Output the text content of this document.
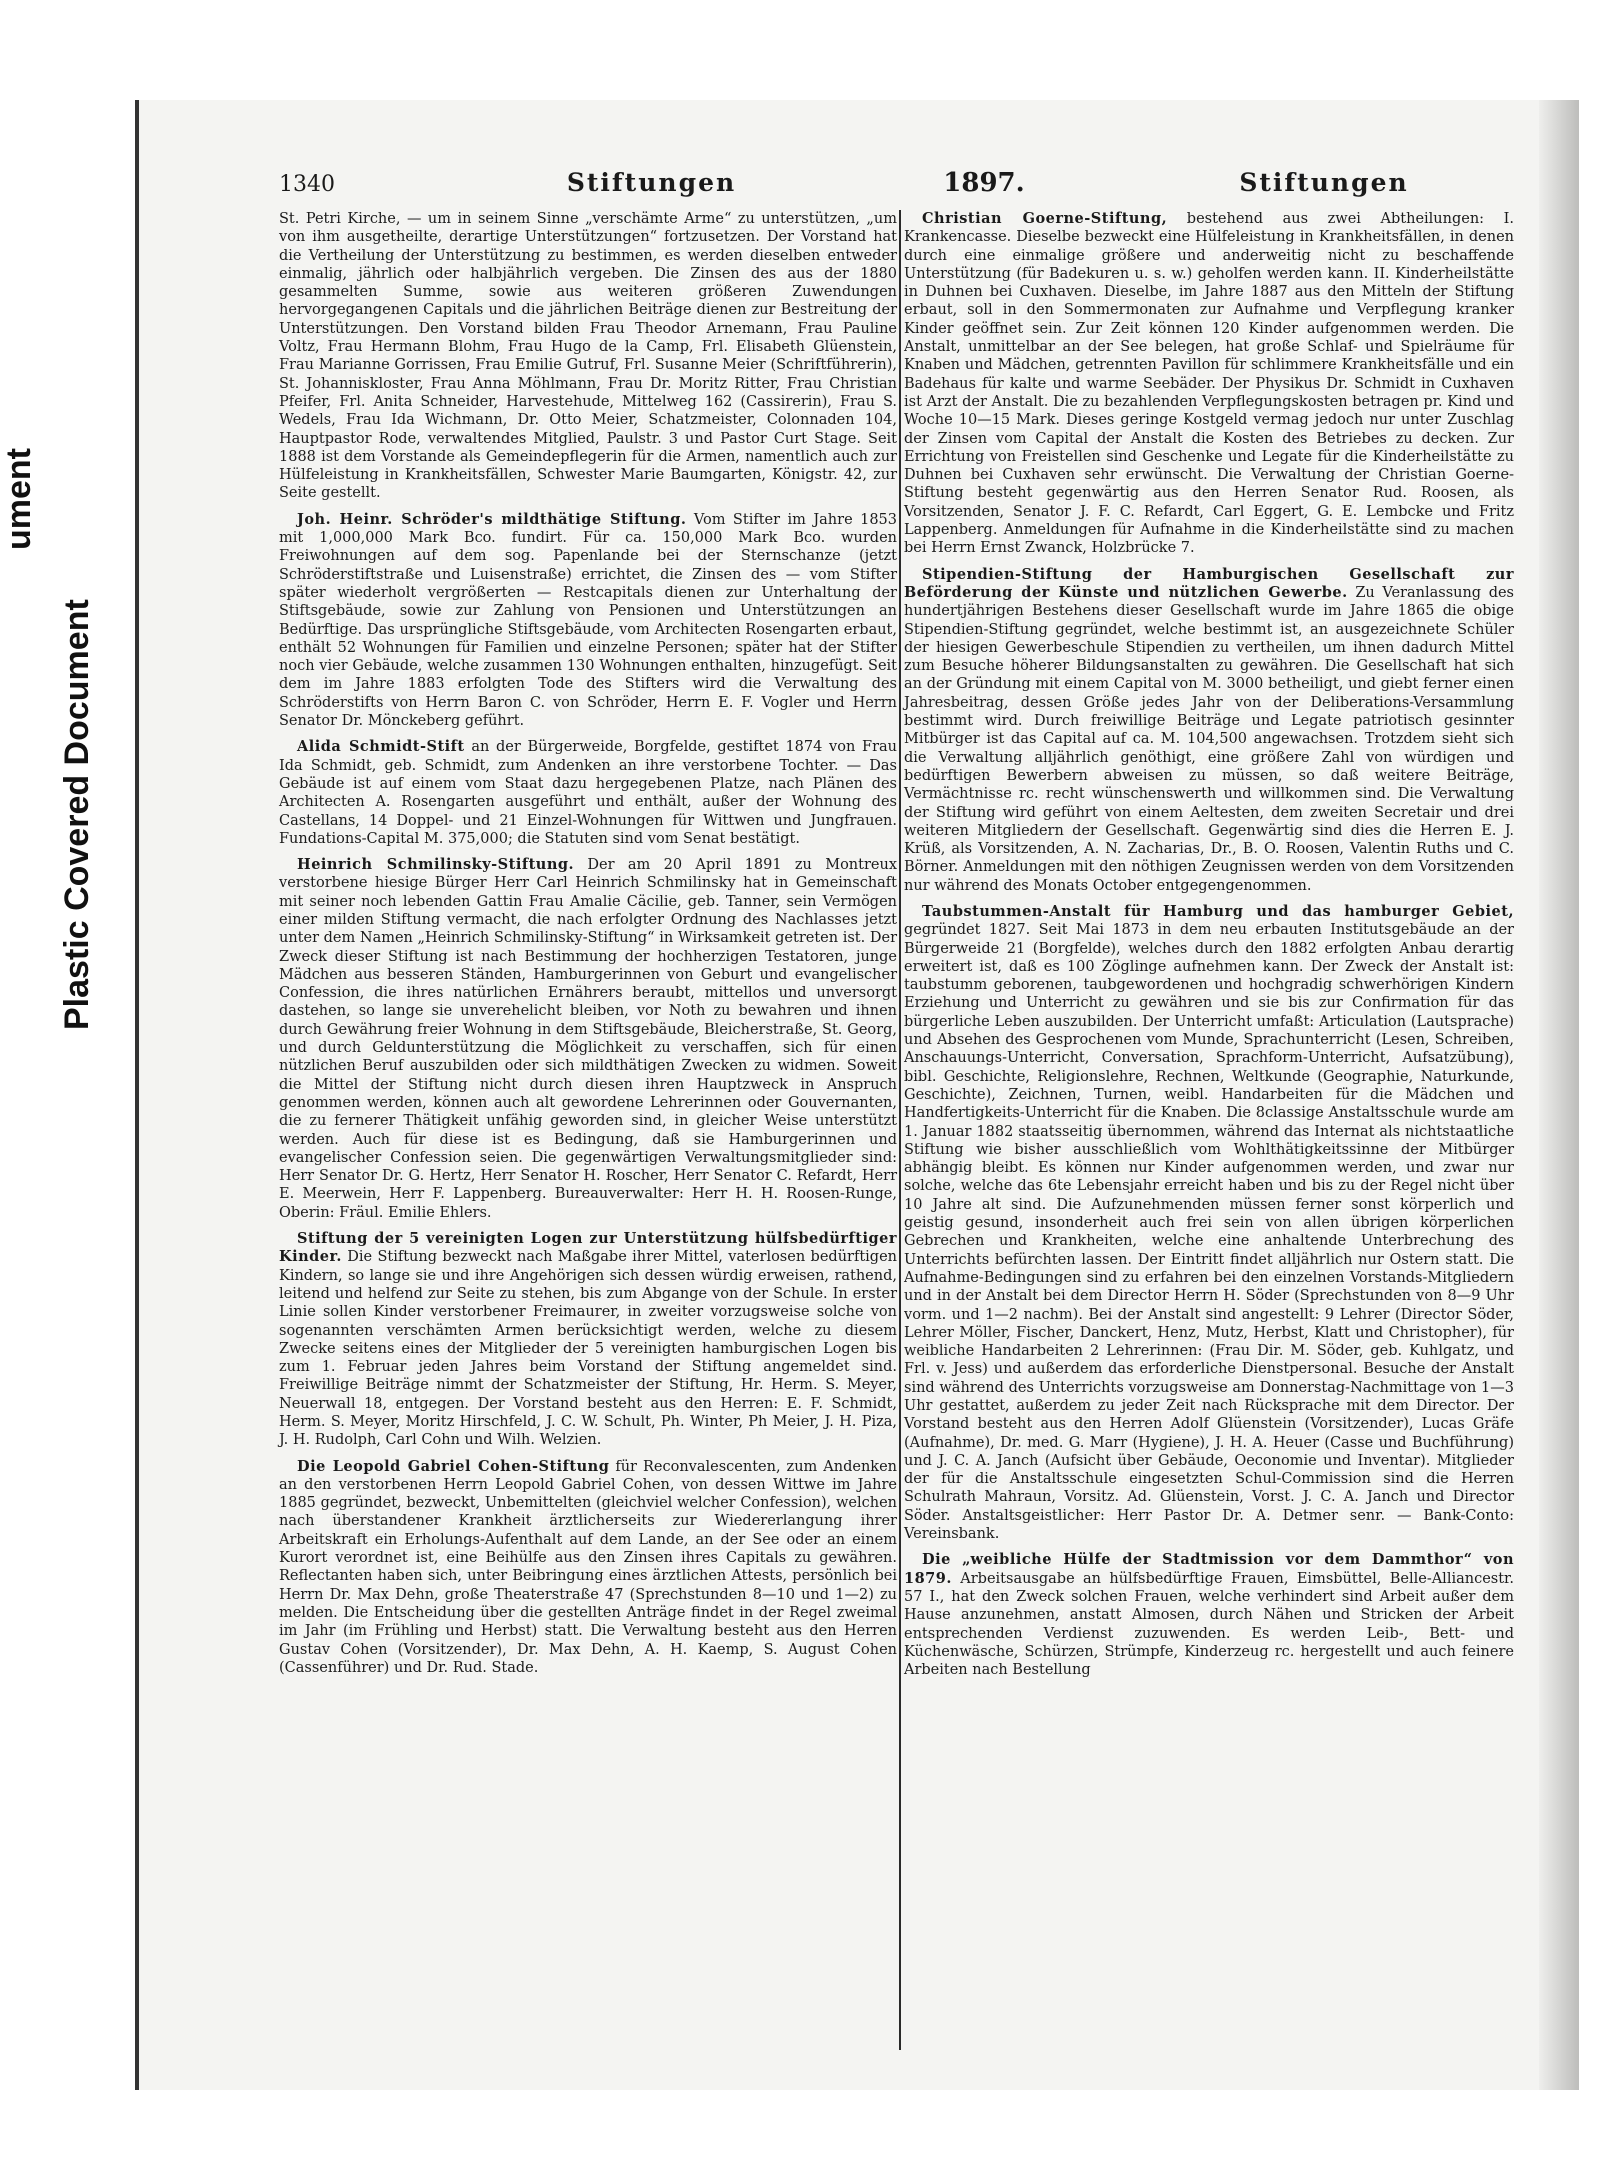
ument
Plastic Covered Document
1340	Stiftungen	1897.	Stiftungen

St. Petri Kirche, — um in seinem Sinne „verschämte Arme“ zu unterstützen, „um von ihm ausgetheilte, derartige Unterstützungen“ fortzusetzen. Der Vorstand hat die Vertheilung der Unterstützung zu bestimmen, es werden dieselben entweder einmalig, jährlich oder halbjährlich vergeben. Die Zinsen des aus der 1880 gesammelten Summe, sowie aus weiteren größeren Zuwendungen hervorgegangenen Capitals und die jährlichen Beiträge dienen zur Bestreitung der Unterstützungen. Den Vorstand bilden Frau Theodor Arnemann, Frau Pauline Voltz, Frau Hermann Blohm, Frau Hugo de la Camp, Frl. Elisabeth Glüenstein, Frau Marianne Gorrissen, Frau Emilie Gutruf, Frl. Susanne Meier (Schriftführerin), St. Johanniskloster, Frau Anna Möhlmann, Frau Dr. Moritz Ritter, Frau Christian Pfeifer, Frl. Anita Schneider, Harvestehude, Mittelweg 162 (Cassirerin), Frau S. Wedels, Frau Ida Wichmann, Dr. Otto Meier, Schatzmeister, Colonnaden 104, Hauptpastor Rode, verwaltendes Mitglied, Paulstr. 3 und Pastor Curt Stage. Seit 1888 ist dem Vorstande als Gemeindepflegerin für die Armen, namentlich auch zur Hülfeleistung in Krankheitsfällen, Schwester Marie Baumgarten, Königstr. 42, zur Seite gestellt.

Joh. Heinr. Schröder's mildthätige Stiftung. Vom Stifter im Jahre 1853 mit 1,000,000 Mark Bco. fundirt. Für ca. 150,000 Mark Bco. wurden Freiwohnungen auf dem sog. Papenlande bei der Sternschanze (jetzt Schröderstiftstraße und Luisenstraße) errichtet, die Zinsen des — vom Stifter später wiederholt vergrößerten — Restcapitals dienen zur Unterhaltung der Stiftsgebäude, sowie zur Zahlung von Pensionen und Unterstützungen an Bedürftige. Das ursprüngliche Stiftsgebäude, vom Architecten Rosengarten erbaut, enthält 52 Wohnungen für Familien und einzelne Personen; später hat der Stifter noch vier Gebäude, welche zusammen 130 Wohnungen enthalten, hinzugefügt. Seit dem im Jahre 1883 erfolgten Tode des Stifters wird die Verwaltung des Schröderstifts von Herrn Baron C. von Schröder, Herrn E. F. Vogler und Herrn Senator Dr. Mönckeberg geführt.

Alida Schmidt-Stift an der Bürgerweide, Borgfelde, gestiftet 1874 von Frau Ida Schmidt, geb. Schmidt, zum Andenken an ihre verstorbene Tochter. — Das Gebäude ist auf einem vom Staat dazu hergegebenen Platze, nach Plänen des Architecten A. Rosengarten ausgeführt und enthält, außer der Wohnung des Castellans, 14 Doppel- und 21 Einzel-Wohnungen für Wittwen und Jungfrauen. Fundations-Capital M. 375,000; die Statuten sind vom Senat bestätigt.

Heinrich Schmilinsky-Stiftung. Der am 20 April 1891 zu Montreux verstorbene hiesige Bürger Herr Carl Heinrich Schmilinsky hat in Gemeinschaft mit seiner noch lebenden Gattin Frau Amalie Cäcilie, geb. Tanner, sein Vermögen einer milden Stiftung vermacht, die nach erfolgter Ordnung des Nachlasses jetzt unter dem Namen „Heinrich Schmilinsky-Stiftung“ in Wirksamkeit getreten ist. Der Zweck dieser Stiftung ist nach Bestimmung der hochherzigen Testatoren, junge Mädchen aus besseren Ständen, Hamburgerinnen von Geburt und evangelischer Confession, die ihres natürlichen Ernährers beraubt, mittellos und unversorgt dastehen, so lange sie unverehelicht bleiben, vor Noth zu bewahren und ihnen durch Gewährung freier Wohnung in dem Stiftsgebäude, Bleicherstraße, St. Georg, und durch Geldunterstützung die Möglichkeit zu verschaffen, sich für einen nützlichen Beruf auszubilden oder sich mildthätigen Zwecken zu widmen. Soweit die Mittel der Stiftung nicht durch diesen ihren Hauptzweck in Anspruch genommen werden, können auch alt gewordene Lehrerinnen oder Gouvernanten, die zu fernerer Thätigkeit unfähig geworden sind, in gleicher Weise unterstützt werden. Auch für diese ist es Bedingung, daß sie Hamburgerinnen und evangelischer Confession seien. Die gegenwärtigen Verwaltungsmitglieder sind: Herr Senator Dr. G. Hertz, Herr Senator H. Roscher, Herr Senator C. Refardt, Herr E. Meerwein, Herr F. Lappenberg. Bureauverwalter: Herr H. H. Roosen-Runge, Oberin: Fräul. Emilie Ehlers.

Stiftung der 5 vereinigten Logen zur Unterstützung hülfsbedürftiger Kinder. Die Stiftung bezweckt nach Maßgabe ihrer Mittel, vaterlosen bedürftigen Kindern, so lange sie und ihre Angehörigen sich dessen würdig erweisen, rathend, leitend und helfend zur Seite zu stehen, bis zum Abgange von der Schule. In erster Linie sollen Kinder verstorbener Freimaurer, in zweiter vorzugsweise solche von sogenannten verschämten Armen berücksichtigt werden, welche zu diesem Zwecke seitens eines der Mitglieder der 5 vereinigten hamburgischen Logen bis zum 1. Februar jeden Jahres beim Vorstand der Stiftung angemeldet sind. Freiwillige Beiträge nimmt der Schatzmeister der Stiftung, Hr. Herm. S. Meyer, Neuerwall 18, entgegen. Der Vorstand besteht aus den Herren: E. F. Schmidt, Herm. S. Meyer, Moritz Hirschfeld, J. C. W. Schult, Ph. Winter, Ph Meier, J. H. Piza, J. H. Rudolph, Carl Cohn und Wilh. Welzien.

Die Leopold Gabriel Cohen-Stiftung für Reconvalescenten, zum Andenken an den verstorbenen Herrn Leopold Gabriel Cohen, von dessen Wittwe im Jahre 1885 gegründet, bezweckt, Unbemittelten (gleichviel welcher Confession), welchen nach überstandener Krankheit ärztlicherseits zur Wiedererlangung ihrer Arbeitskraft ein Erholungs-Aufenthalt auf dem Lande, an der See oder an einem Kurort verordnet ist, eine Beihülfe aus den Zinsen ihres Capitals zu gewähren. Reflectanten haben sich, unter Beibringung eines ärztlichen Attests, persönlich bei Herrn Dr. Max Dehn, große Theaterstraße 47 (Sprechstunden 8—10 und 1—2) zu melden. Die Entscheidung über die gestellten Anträge findet in der Regel zweimal im Jahr (im Frühling und Herbst) statt. Die Verwaltung besteht aus den Herren Gustav Cohen (Vorsitzender), Dr. Max Dehn, A. H. Kaemp, S. August Cohen (Cassenführer) und Dr. Rud. Stade.

Christian Goerne-Stiftung, bestehend aus zwei Abtheilungen: I. Krankencasse. Dieselbe bezweckt eine Hülfeleistung in Krankheitsfällen, in denen durch eine einmalige größere und anderweitig nicht zu beschaffende Unterstützung (für Badekuren u. s. w.) geholfen werden kann. II. Kinderheilstätte in Duhnen bei Cuxhaven. Dieselbe, im Jahre 1887 aus den Mitteln der Stiftung erbaut, soll in den Sommermonaten zur Aufnahme und Verpflegung kranker Kinder geöffnet sein. Zur Zeit können 120 Kinder aufgenommen werden. Die Anstalt, unmittelbar an der See belegen, hat große Schlaf- und Spielräume für Knaben und Mädchen, getrennten Pavillon für schlimmere Krankheitsfälle und ein Badehaus für kalte und warme Seebäder. Der Physikus Dr. Schmidt in Cuxhaven ist Arzt der Anstalt. Die zu bezahlenden Verpflegungskosten betragen pr. Kind und Woche 10—15 Mark. Dieses geringe Kostgeld vermag jedoch nur unter Zuschlag der Zinsen vom Capital der Anstalt die Kosten des Betriebes zu decken. Zur Errichtung von Freistellen sind Geschenke und Legate für die Kinderheilstätte zu Duhnen bei Cuxhaven sehr erwünscht. Die Verwaltung der Christian Goerne-Stiftung besteht gegenwärtig aus den Herren Senator Rud. Roosen, als Vorsitzenden, Senator J. F. C. Refardt, Carl Eggert, G. E. Lembcke und Fritz Lappenberg. Anmeldungen für Aufnahme in die Kinderheilstätte sind zu machen bei Herrn Ernst Zwanck, Holzbrücke 7.

Stipendien-Stiftung der Hamburgischen Gesellschaft zur Beförderung der Künste und nützlichen Gewerbe. Zu Veranlassung des hundertjährigen Bestehens dieser Gesellschaft wurde im Jahre 1865 die obige Stipendien-Stiftung gegründet, welche bestimmt ist, an ausgezeichnete Schüler der hiesigen Gewerbeschule Stipendien zu vertheilen, um ihnen dadurch Mittel zum Besuche höherer Bildungsanstalten zu gewähren. Die Gesellschaft hat sich an der Gründung mit einem Capital von M. 3000 betheiligt, und giebt ferner einen Jahresbeitrag, dessen Größe jedes Jahr von der Deliberations-Versammlung bestimmt wird. Durch freiwillige Beiträge und Legate patriotisch gesinnter Mitbürger ist das Capital auf ca. M. 104,500 angewachsen. Trotzdem sieht sich die Verwaltung alljährlich genöthigt, eine größere Zahl von würdigen und bedürftigen Bewerbern abweisen zu müssen, so daß weitere Beiträge, Vermächtnisse rc. recht wünschenswerth und willkommen sind. Die Verwaltung der Stiftung wird geführt von einem Aeltesten, dem zweiten Secretair und drei weiteren Mitgliedern der Gesellschaft. Gegenwärtig sind dies die Herren E. J. Krüß, als Vorsitzenden, A. N. Zacharias, Dr., B. O. Roosen, Valentin Ruths und C. Börner. Anmeldungen mit den nöthigen Zeugnissen werden von dem Vorsitzenden nur während des Monats October entgegengenommen.

Taubstummen-Anstalt für Hamburg und das hamburger Gebiet, gegründet 1827. Seit Mai 1873 in dem neu erbauten Institutsgebäude an der Bürgerweide 21 (Borgfelde), welches durch den 1882 erfolgten Anbau derartig erweitert ist, daß es 100 Zöglinge aufnehmen kann. Der Zweck der Anstalt ist: taubstumm geborenen, taubgewordenen und hochgradig schwerhörigen Kindern Erziehung und Unterricht zu gewähren und sie bis zur Confirmation für das bürgerliche Leben auszubilden. Der Unterricht umfaßt: Articulation (Lautsprache) und Absehen des Gesprochenen vom Munde, Sprachunterricht (Lesen, Schreiben, Anschauungs-Unterricht, Conversation, Sprachform-Unterricht, Aufsatzübung), bibl. Geschichte, Religionslehre, Rechnen, Weltkunde (Geographie, Naturkunde, Geschichte), Zeichnen, Turnen, weibl. Handarbeiten für die Mädchen und Handfertigkeits-Unterricht für die Knaben. Die 8classige Anstaltsschule wurde am 1. Januar 1882 staatsseitig übernommen, während das Internat als nichtstaatliche Stiftung wie bisher ausschließlich vom Wohlthätigkeitssinne der Mitbürger abhängig bleibt. Es können nur Kinder aufgenommen werden, und zwar nur solche, welche das 6te Lebensjahr erreicht haben und bis zu der Regel nicht über 10 Jahre alt sind. Die Aufzunehmenden müssen ferner sonst körperlich und geistig gesund, insonderheit auch frei sein von allen übrigen körperlichen Gebrechen und Krankheiten, welche eine anhaltende Unterbrechung des Unterrichts befürchten lassen. Der Eintritt findet alljährlich nur Ostern statt. Die Aufnahme-Bedingungen sind zu erfahren bei den einzelnen Vorstands-Mitgliedern und in der Anstalt bei dem Director Herrn H. Söder (Sprechstunden von 8—9 Uhr vorm. und 1—2 nachm). Bei der Anstalt sind angestellt: 9 Lehrer (Director Söder, Lehrer Möller, Fischer, Danckert, Henz, Mutz, Herbst, Klatt und Christopher), für weibliche Handarbeiten 2 Lehrerinnen: (Frau Dir. M. Söder, geb. Kuhlgatz, und Frl. v. Jess) und außerdem das erforderliche Dienstpersonal. Besuche der Anstalt sind während des Unterrichts vorzugsweise am Donnerstag-Nachmittage von 1—3 Uhr gestattet, außerdem zu jeder Zeit nach Rücksprache mit dem Director. Der Vorstand besteht aus den Herren Adolf Glüenstein (Vorsitzender), Lucas Gräfe (Aufnahme), Dr. med. G. Marr (Hygiene), J. H. A. Heuer (Casse und Buchführung) und J. C. A. Janch (Aufsicht über Gebäude, Oeconomie und Inventar). Mitglieder der für die Anstaltsschule eingesetzten Schul-Commission sind die Herren Schulrath Mahraun, Vorsitz. Ad. Glüenstein, Vorst. J. C. A. Janch und Director Söder. Anstaltsgeistlicher: Herr Pastor Dr. A. Detmer senr. — Bank-Conto: Vereinsbank.

Die „weibliche Hülfe der Stadtmission vor dem Dammthor“ von 1879. Arbeitsausgabe an hülfsbedürftige Frauen, Eimsbüttel, Belle-Alliancestr. 57 I., hat den Zweck solchen Frauen, welche verhindert sind Arbeit außer dem Hause anzunehmen, anstatt Almosen, durch Nähen und Stricken der Arbeit entsprechenden Verdienst zuzuwenden. Es werden Leib-, Bett- und Küchenwäsche, Schürzen, Strümpfe, Kinderzeug rc. hergestellt und auch feinere Arbeiten nach Bestellung
